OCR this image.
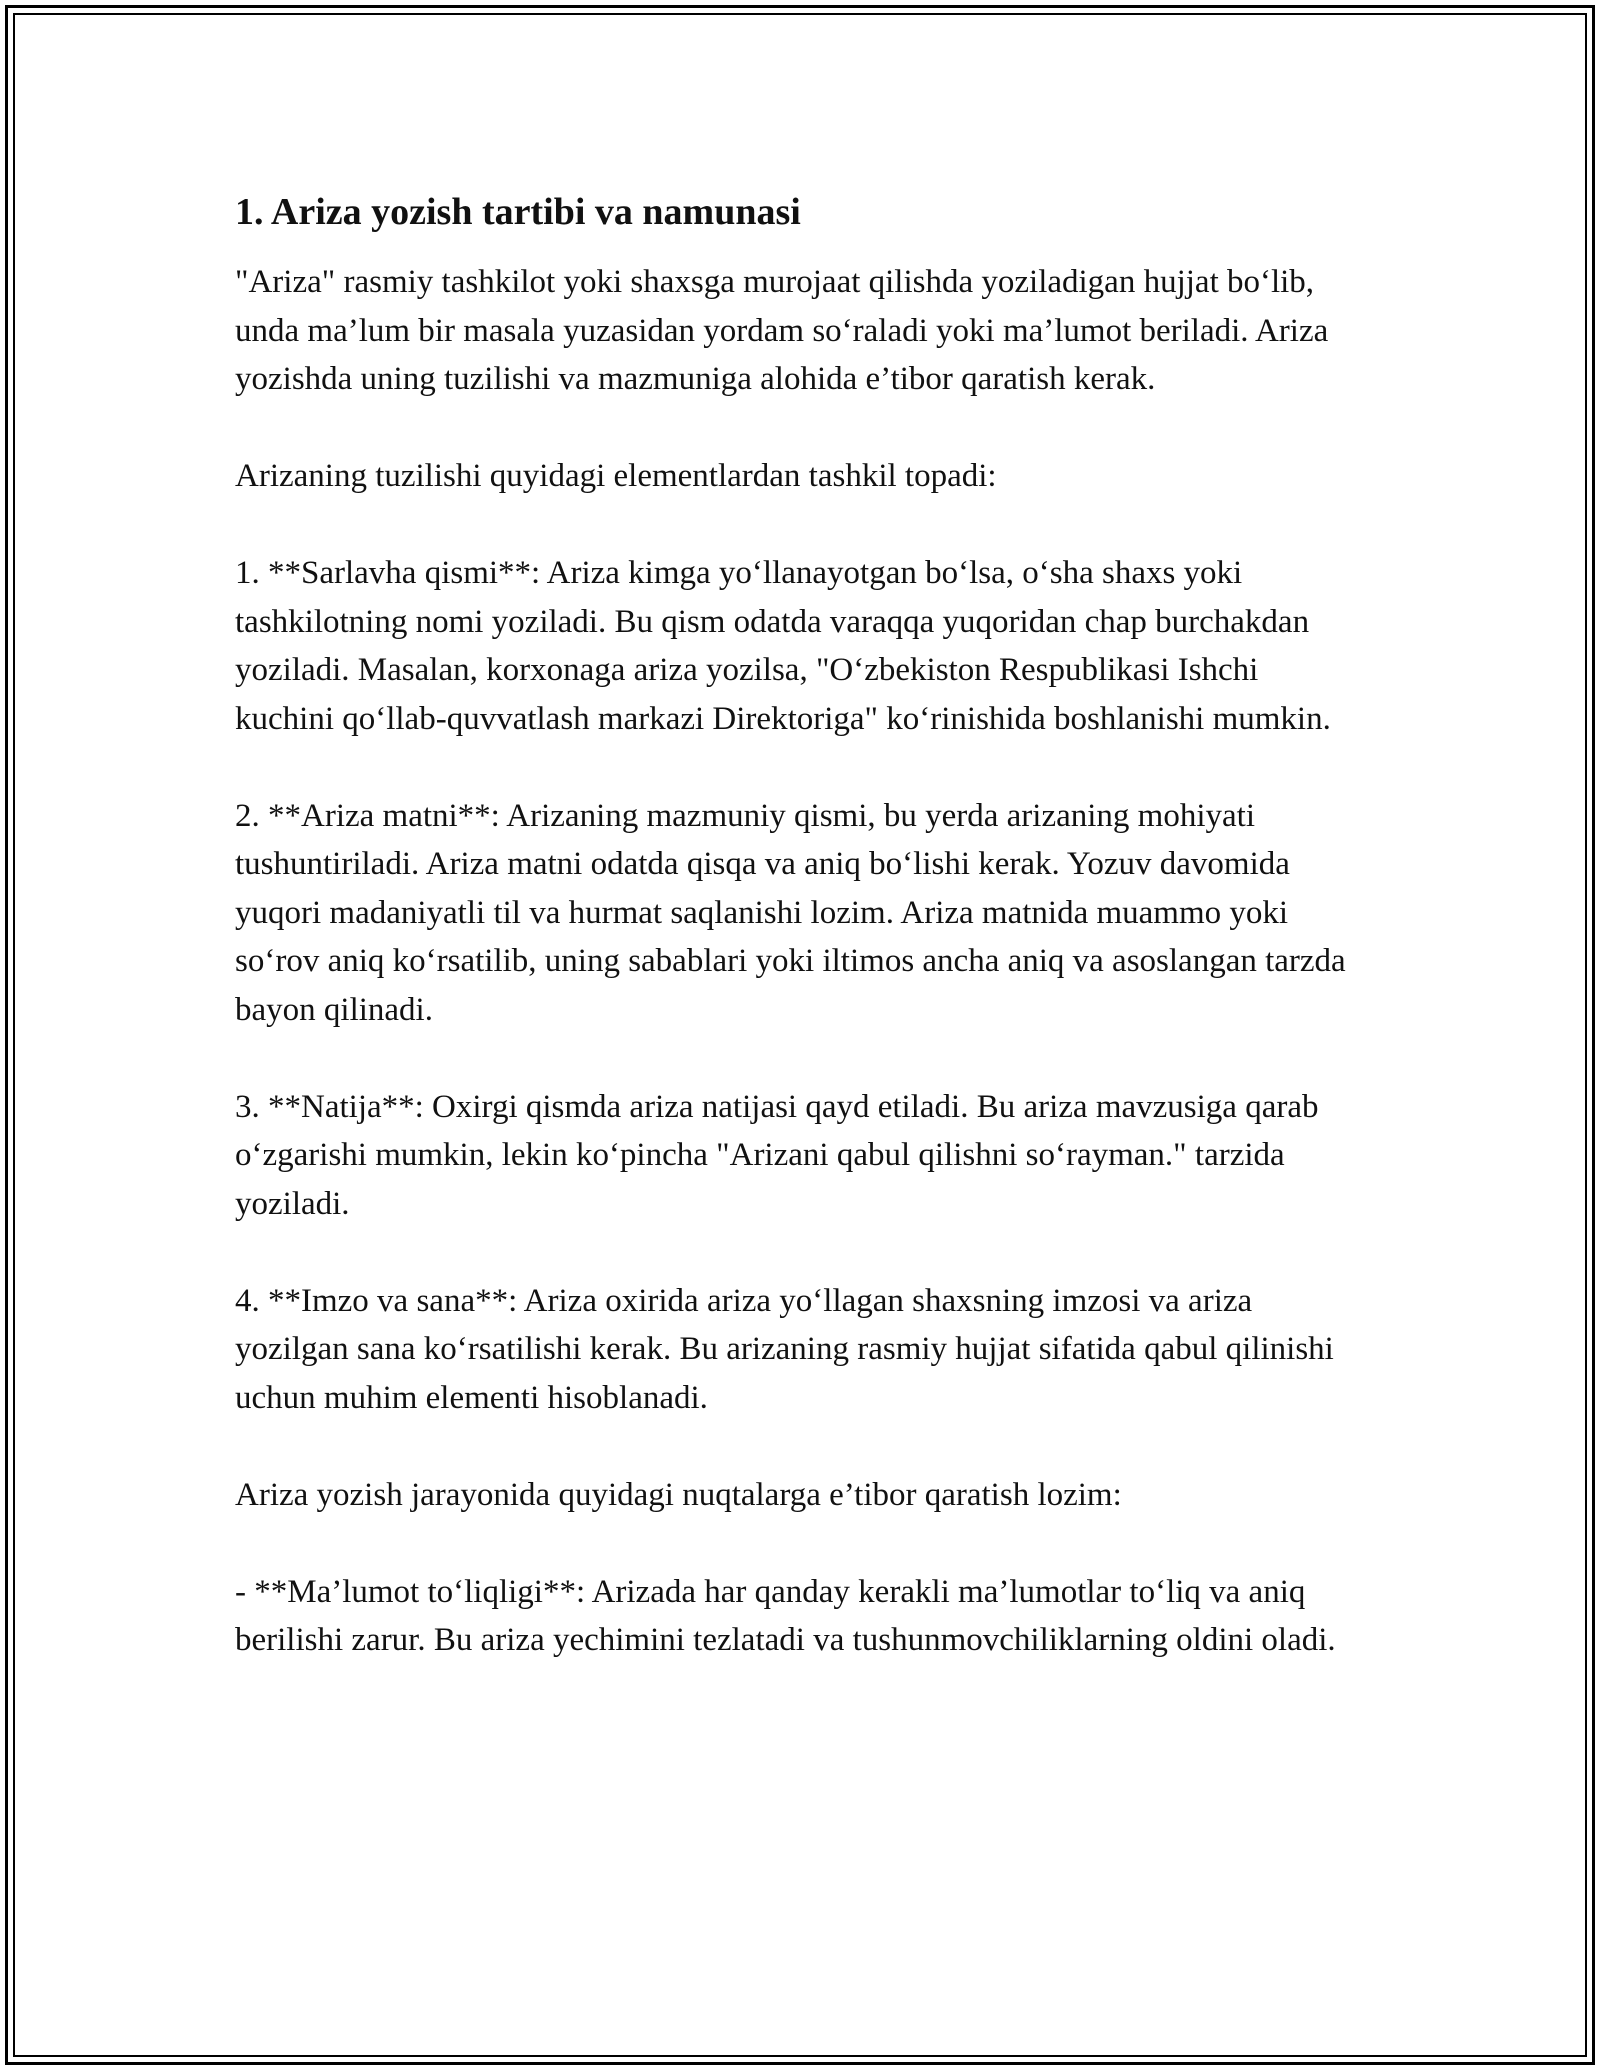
1. Ariza yozish tartibi va namunasi

"Ariza" rasmiy tashkilot yoki shaxsga murojaat qilishda yoziladigan hujjat bo‘lib, unda ma’lum bir masala yuzasidan yordam so‘raladi yoki ma’lumot beriladi. Ariza yozishda uning tuzilishi va mazmuniga alohida e’tibor qaratish kerak.

Arizaning tuzilishi quyidagi elementlardan tashkil topadi:

1. **Sarlavha qismi**: Ariza kimga yo‘llanayotgan bo‘lsa, o‘sha shaxs yoki tashkilotning nomi yoziladi. Bu qism odatda varaqqa yuqoridan chap burchakdan yoziladi. Masalan, korxonaga ariza yozilsa, "O‘zbekiston Respublikasi Ishchi kuchini qo‘llab-quvvatlash markazi Direktoriga" ko‘rinishida boshlanishi mumkin.

2. **Ariza matni**: Arizaning mazmuniy qismi, bu yerda arizaning mohiyati tushuntiriladi. Ariza matni odatda qisqa va aniq bo‘lishi kerak. Yozuv davomida yuqori madaniyatli til va hurmat saqlanishi lozim. Ariza matnida muammo yoki so‘rov aniq ko‘rsatilib, uning sabablari yoki iltimos ancha aniq va asoslangan tarzda bayon qilinadi.

3. **Natija**: Oxirgi qismda ariza natijasi qayd etiladi. Bu ariza mavzusiga qarab o‘zgarishi mumkin, lekin ko‘pincha "Arizani qabul qilishni so‘rayman." tarzida yoziladi.

4. **Imzo va sana**: Ariza oxirida ariza yo‘llagan shaxsning imzosi va ariza yozilgan sana ko‘rsatilishi kerak. Bu arizaning rasmiy hujjat sifatida qabul qilinishi uchun muhim elementi hisoblanadi.

Ariza yozish jarayonida quyidagi nuqtalarga e’tibor qaratish lozim:

- **Ma’lumot to‘liqligi**: Arizada har qanday kerakli ma’lumotlar to‘liq va aniq berilishi zarur. Bu ariza yechimini tezlatadi va tushunmovchiliklarning oldini oladi.
